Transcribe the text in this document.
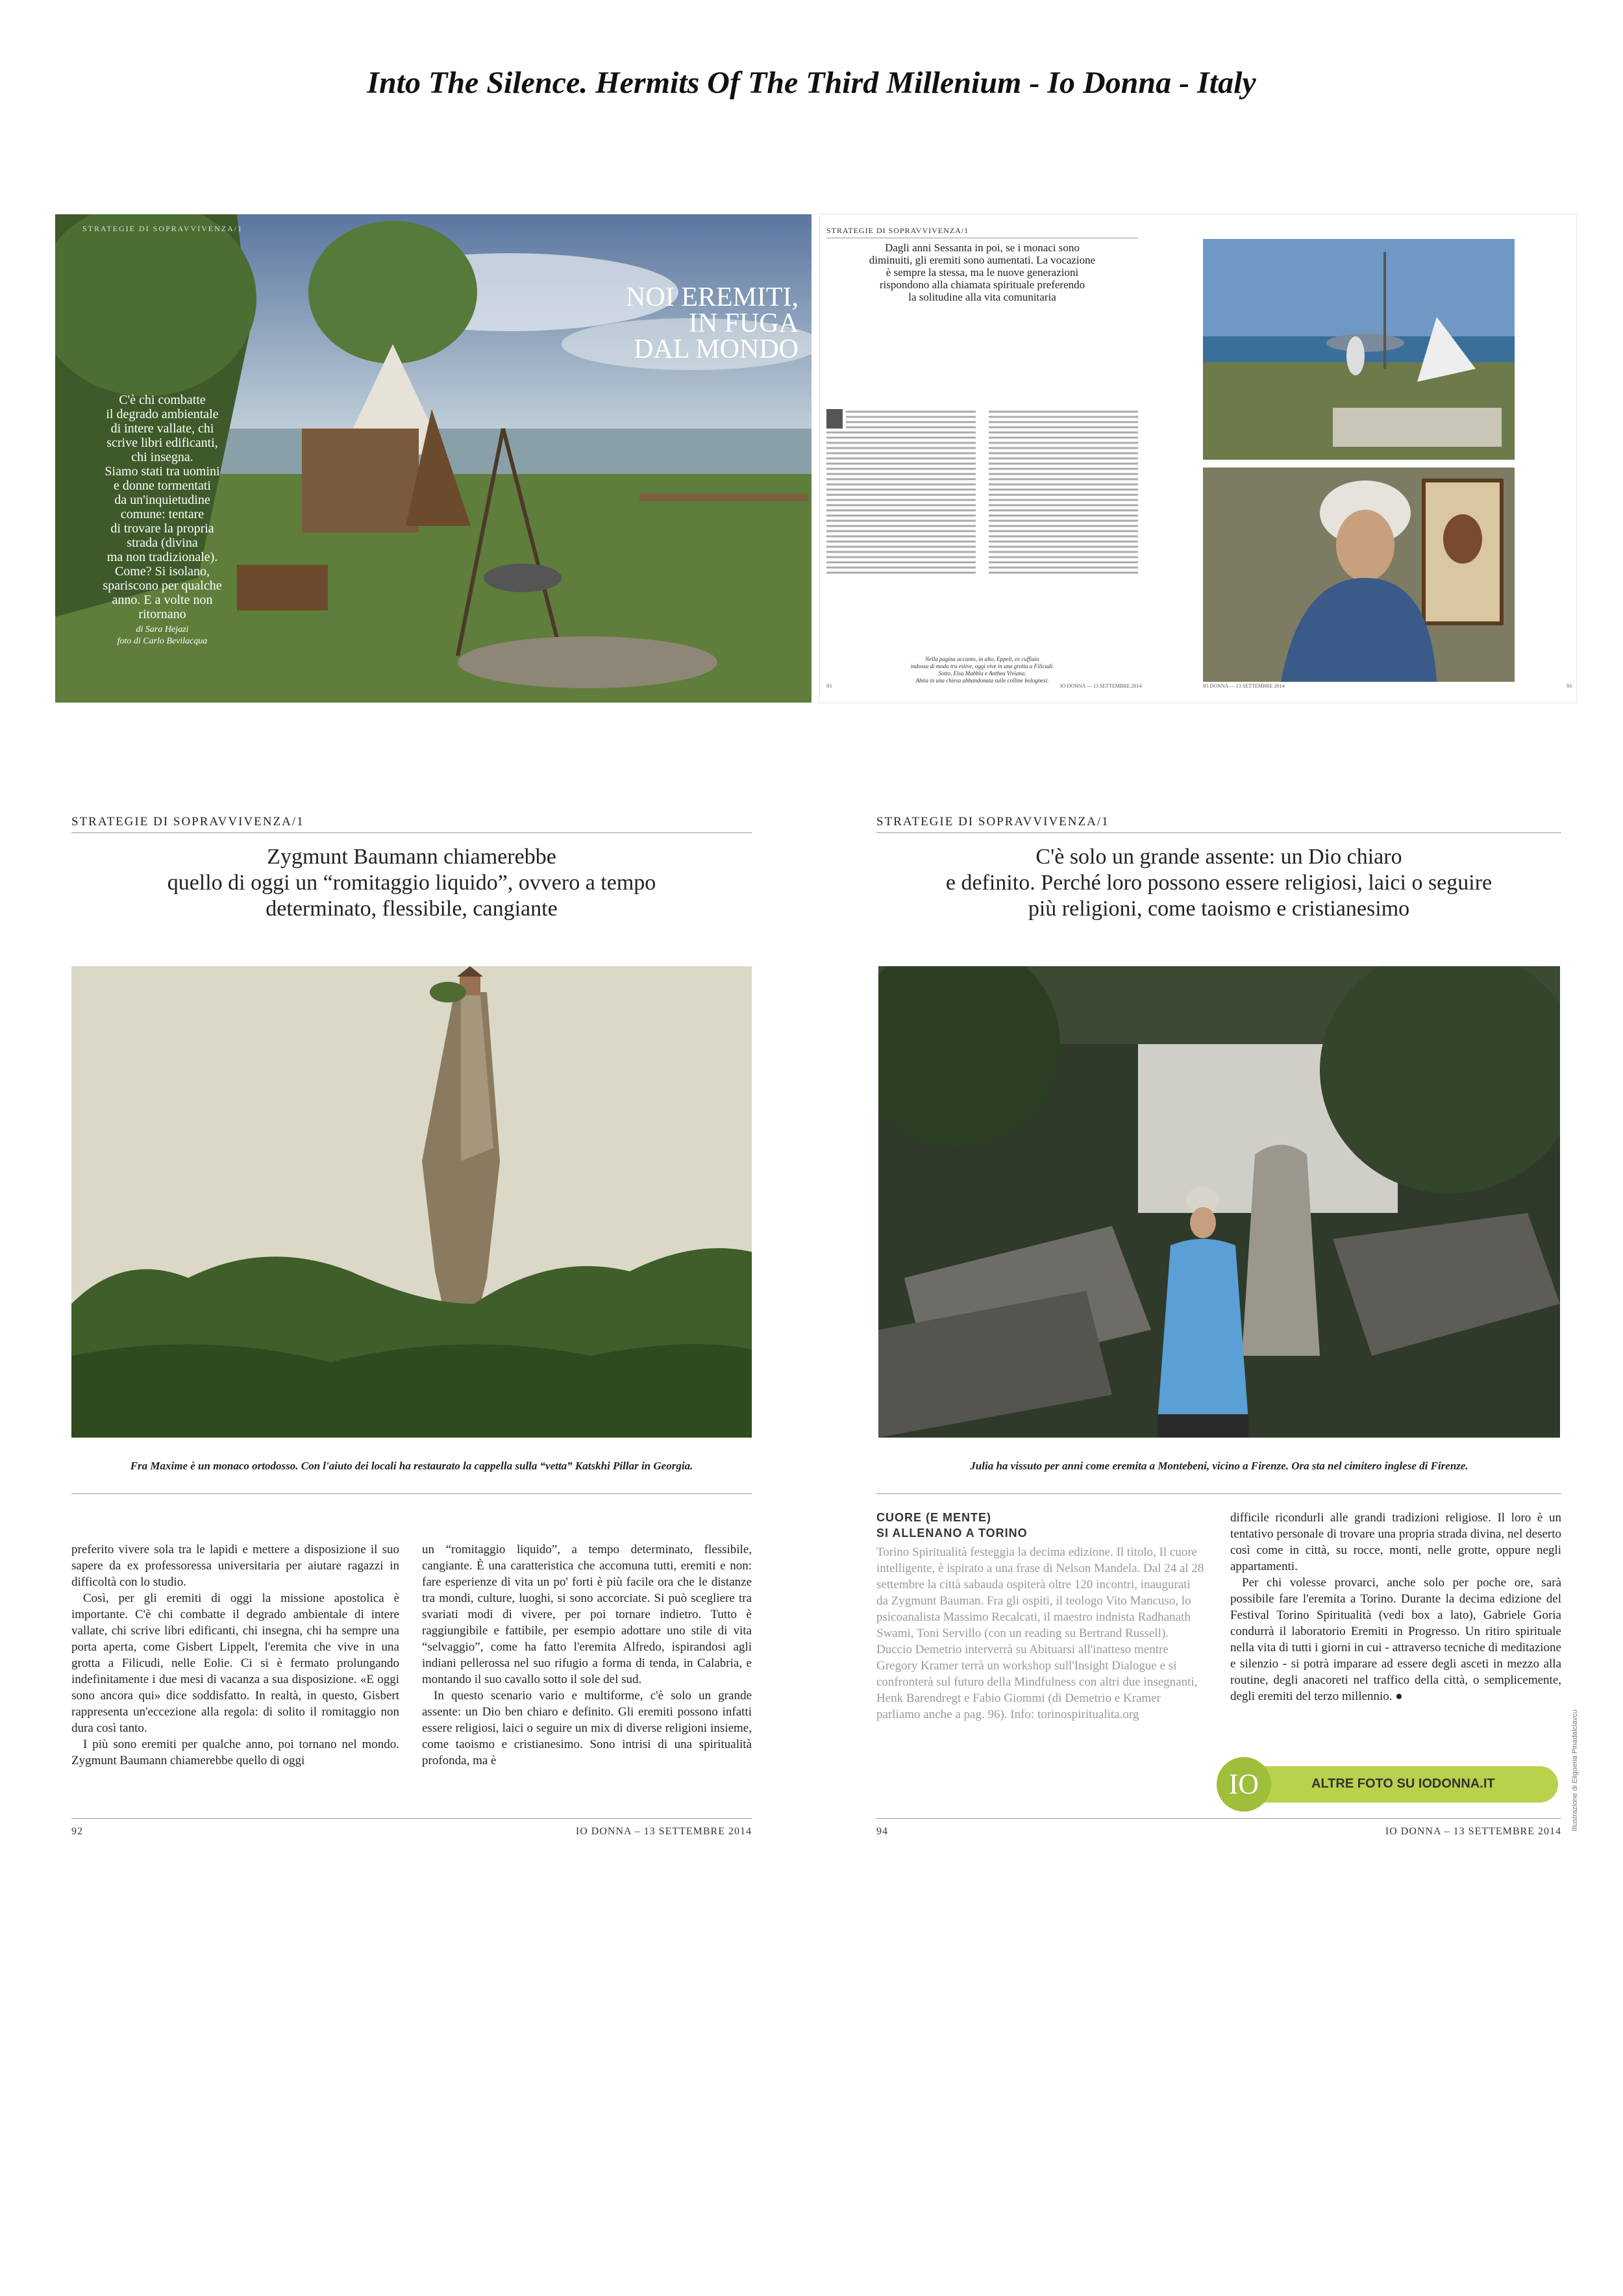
Into The Silence. Hermits Of The Third Millenium - Io Donna - Italy
STRATEGIE DI SOPRAVVIVENZA/1
NOI EREMITI,
IN FUGA
DAL MONDO
C'è chi combatte
il degrado ambientale
di intere vallate, chi
scrive libri edificanti,
chi insegna.
Siamo stati tra uomini
e donne tormentati
da un'inquietudine
comune: tentare
di trovare la propria
strada (divina
ma non tradizionale).
Come? Si isolano,
spariscono per qualche
anno. E a volte non
ritornano
di Sara Hejazi
foto di Carlo Bevilacqua
STRATEGIE DI SOPRAVVIVENZA/1
Dagli anni Sessanta in poi, se i monaci sono
diminuiti, gli eremiti sono aumentati. La vocazione
è sempre la stessa, ma le nuove generazioni
rispondono alla chiamata spirituale preferendo
la solitudine alla vita comunitaria
Nella pagina accanto, in alto, Eppelt, ex cuffiaio
indossa di modo tra estive, oggi vive in una grotta a Filicudi.
Sotto, Elsa Mabbla e Anthea Viviana.
Abita in una chiesa abbandonata sulle colline bolognesi.
93	IO DONNA — 13 SETTEMBRE 2014	IO DONNA — 13 SETTEMBRE 2014	93
STRATEGIE DI SOPRAVVIVENZA/1
Zygmunt Baumann chiamerebbe
quello di oggi un “romitaggio liquido”, ovvero a tempo
determinato, flessibile, cangiante
Fra Maxime è un monaco ortodosso. Con l'aiuto dei locali ha restaurato la cappella sulla “vetta” Katskhi Pillar in Georgia.

preferito vivere sola tra le lapidi e mettere a disposizione il suo sapere da ex professoressa universitaria per aiutare ragazzi in difficoltà con lo studio.

Così, per gli eremiti di oggi la missione apostolica è importante. C'è chi combatte il degrado ambientale di intere vallate, chi scrive libri edificanti, chi insegna, chi ha sempre una porta aperta, come Gisbert Lippelt, l'eremita che vive in una grotta a Filicudi, nelle Eolie. Ci si è fermato prolungando indefinitamente i due mesi di vacanza a sua disposizione. «E oggi sono ancora qui» dice soddisfatto. In realtà, in questo, Gisbert rappresenta un'eccezione alla regola: di solito il romitaggio non dura così tanto.

I più sono eremiti per qualche anno, poi tornano nel mondo. Zygmunt Baumann chiamerebbe quello di oggi

un “romitaggio liquido”, a tempo determinato, flessibile, cangiante. È una caratteristica che accomuna tutti, eremiti e non: fare esperienze di vita un po' forti è più facile ora che le distanze tra mondi, culture, luoghi, si sono accorciate. Si può scegliere tra svariati modi di vivere, per poi tornare indietro. Tutto è raggiungibile e fattibile, per esempio adottare uno stile di vita “selvaggio”, come ha fatto l'eremita Alfredo, ispirandosi agli indiani pellerossa nel suo rifugio a forma di tenda, in Calabria, e montando il suo cavallo sotto il sole del sud.

In questo scenario vario e multiforme, c'è solo un grande assente: un Dio ben chiaro e definito. Gli eremiti possono infatti essere religiosi, laici o seguire un mix di diverse religioni insieme, come taoismo e cristianesimo. Sono intrisi di una spiritualità profonda, ma è

92	IO DONNA – 13 SETTEMBRE 2014
STRATEGIE DI SOPRAVVIVENZA/1
C'è solo un grande assente: un Dio chiaro
e definito. Perché loro possono essere religiosi, laici o seguire
più religioni, come taoismo e cristianesimo
Julia ha vissuto per anni come eremita a Montebeni, vicino a Firenze. Ora sta nel cimitero inglese di Firenze.
CUORE (E MENTE)
SI ALLENANO A TORINO
Torino Spiritualità festeggia la decima edizione. Il titolo, Il cuore intelligente, è ispirato a una frase di Nelson Mandela. Dal 24 al 28 settembre la città sabauda ospiterà oltre 120 incontri, inaugurati da Zygmunt Bauman. Fra gli ospiti, il teologo Vito Mancuso, lo psicoanalista Massimo Recalcati, il maestro indnista Radhanath Swami, Toni Servillo (con un reading su Bertrand Russell). Duccio Demetrio interverrà su Abituarsi all'inatteso mentre Gregory Kramer terrà un workshop sull'Insight Dialogue e si confronterà sul futuro della Mindfulness con altri due insegnanti, Henk Barendregt e Fabio Giommi (di Demetrio e Kramer parliamo anche a pag. 96). Info: torinospiritualita.org

difficile ricondurli alle grandi tradizioni religiose. Il loro è un tentativo personale di trovare una propria strada divina, nel deserto così come in città, su rocce, monti, nelle grotte, oppure negli appartamenti.

Per chi volesse provarci, anche solo per poche ore, sarà possibile fare l'eremita a Torino. Durante la decima edizione del Festival Torino Spiritualità (vedi box a lato), Gabriele Goria condurrà il laboratorio Eremiti in Progresso. Un ritiro spirituale nella vita di tutti i giorni in cui - attraverso tecniche di meditazione e silenzio - si potrà imparare ad essere degli asceti in mezzo alla routine, degli anacoreti nel traffico della città, o semplicemente, degli eremiti del terzo millennio. ●

IO	ALTRE FOTO SU IODONNA.IT	Illustrazione di Eligoeria Pinadalciavcu
94	IO DONNA – 13 SETTEMBRE 2014
